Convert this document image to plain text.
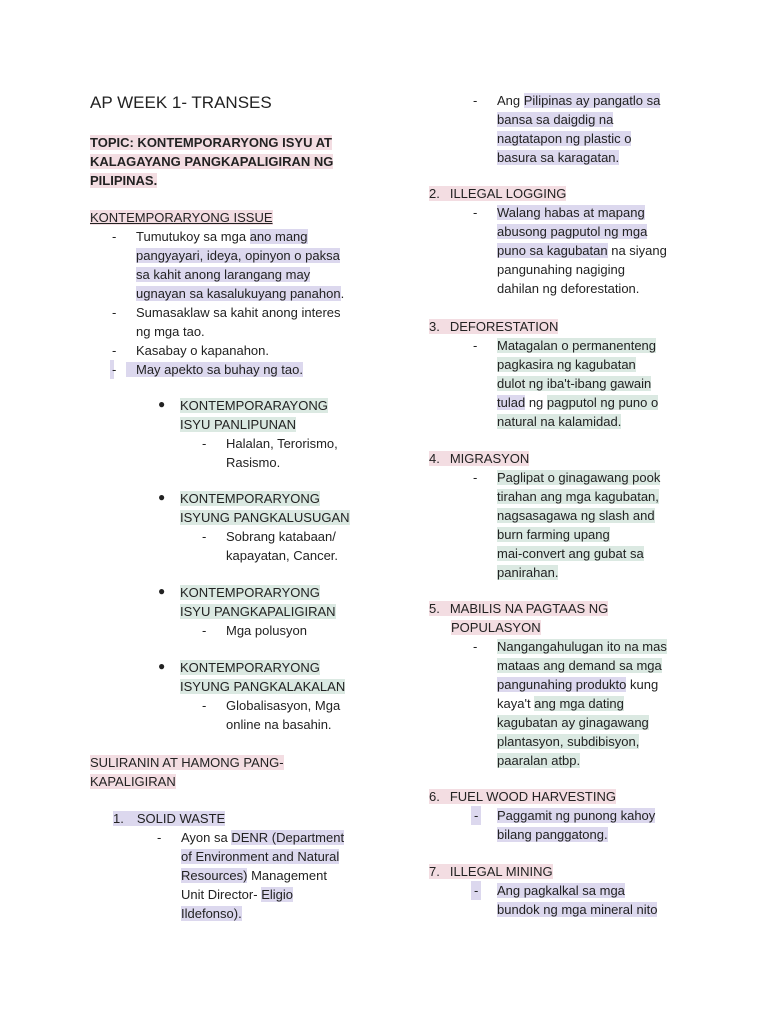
AP WEEK 1- TRANSES
TOPIC: KONTEMPORARYONG ISYU AT
KALAGAYANG PANGKAPALIGIRAN NG
PILIPINAS.
KONTEMPORARYONG ISSUE
- Tumutukoy sa mga ano mang
pangyayari, ideya, opinyon o paksa
sa kahit anong larangang may
ugnayan sa kasalukuyang panahon.
- Sumasaklaw sa kahit anong interes
ng mga tao.
- Kasabay o kapanahon.
- May apekto sa buhay ng tao.
● KONTEMPORARAYONG
ISYU PANLIPUNAN
- Halalan, Terorismo,
Rasismo.
● KONTEMPORARYONG
ISYUNG PANGKALUSUGAN
- Sobrang katabaan/
kapayatan, Cancer.
● KONTEMPORARYONG
ISYU PANGKAPALIGIRAN
- Mga polusyon
● KONTEMPORARYONG
ISYUNG PANGKALAKALAN
- Globalisasyon, Mga
online na basahin.
SULIRANIN AT HAMONG PANG-
KAPALIGIRAN
1. SOLID WASTE
- Ayon sa DENR (Department
of Environment and Natural
Resources) Management
Unit Director- Eligio
Ildefonso).
- Ang Pilipinas ay pangatlo sa
bansa sa daigdig na
nagtatapon ng plastic o
basura sa karagatan.
2. ILLEGAL LOGGING
- Walang habas at mapang
abusong pagputol ng mga
puno sa kagubatan na siyang
pangunahing nagiging
dahilan ng deforestation.
3. DEFORESTATION
- Matagalan o permanenteng
pagkasira ng kagubatan
dulot ng iba't-ibang gawain
tulad ng pagputol ng puno o
natural na kalamidad.
4. MIGRASYON
- Paglipat o ginagawang pook
tirahan ang mga kagubatan,
nagsasagawa ng slash and
burn farming upang
mai-convert ang gubat sa
panirahan.
5. MABILIS NA PAGTAAS NG
POPULASYON
- Nangangahulugan ito na mas
mataas ang demand sa mga
pangunahing produkto kung
kaya't ang mga dating
kagubatan ay ginagawang
plantasyon, subdibisyon,
paaralan atbp.
6. FUEL WOOD HARVESTING
- Paggamit ng punong kahoy
bilang panggatong.
7. ILLEGAL MINING
- Ang pagkalkal sa mga
bundok ng mga mineral nito
